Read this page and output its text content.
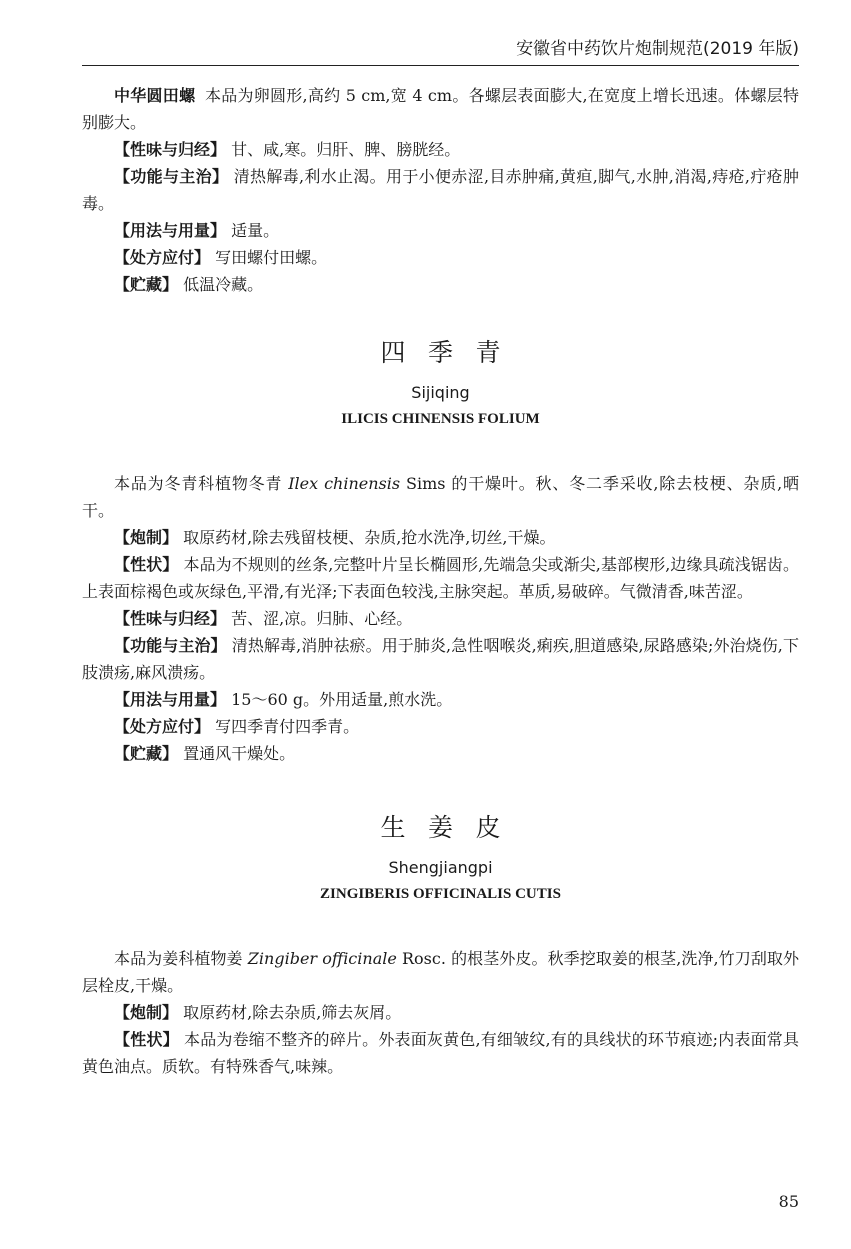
安徽省中药饮片炮制规范(2019 年版)

中华圆田螺 本品为卵圆形,高约 5 cm,宽 4 cm。各螺层表面膨大,在宽度上增长迅速。体螺层特别膨大。

【性味与归经】 甘、咸,寒。归肝、脾、膀胱经。

【功能与主治】 清热解毒,利水止渴。用于小便赤涩,目赤肿痛,黄疸,脚气,水肿,消渴,痔疮,疔疮肿毒。

【用法与用量】 适量。

【处方应付】 写田螺付田螺。

【贮藏】 低温冷藏。

四季青
Sijiqing
ILICIS CHINENSIS FOLIUM

本品为冬青科植物冬青 Ilex chinensis Sims 的干燥叶。秋、冬二季采收,除去枝梗、杂质,晒干。

【炮制】 取原药材,除去残留枝梗、杂质,抢水洗净,切丝,干燥。

【性状】 本品为不规则的丝条,完整叶片呈长椭圆形,先端急尖或渐尖,基部楔形,边缘具疏浅锯齿。上表面棕褐色或灰绿色,平滑,有光泽;下表面色较浅,主脉突起。革质,易破碎。气微清香,味苦涩。

【性味与归经】 苦、涩,凉。归肺、心经。

【功能与主治】 清热解毒,消肿祛瘀。用于肺炎,急性咽喉炎,痢疾,胆道感染,尿路感染;外治烧伤,下肢溃疡,麻风溃疡。

【用法与用量】 15～60 g。外用适量,煎水洗。

【处方应付】 写四季青付四季青。

【贮藏】 置通风干燥处。

生姜皮
Shengjiangpi
ZINGIBERIS OFFICINALIS CUTIS

本品为姜科植物姜 Zingiber officinale Rosc. 的根茎外皮。秋季挖取姜的根茎,洗净,竹刀刮取外层栓皮,干燥。

【炮制】 取原药材,除去杂质,筛去灰屑。

【性状】 本品为卷缩不整齐的碎片。外表面灰黄色,有细皱纹,有的具线状的环节痕迹;内表面常具黄色油点。质软。有特殊香气,味辣。

85
